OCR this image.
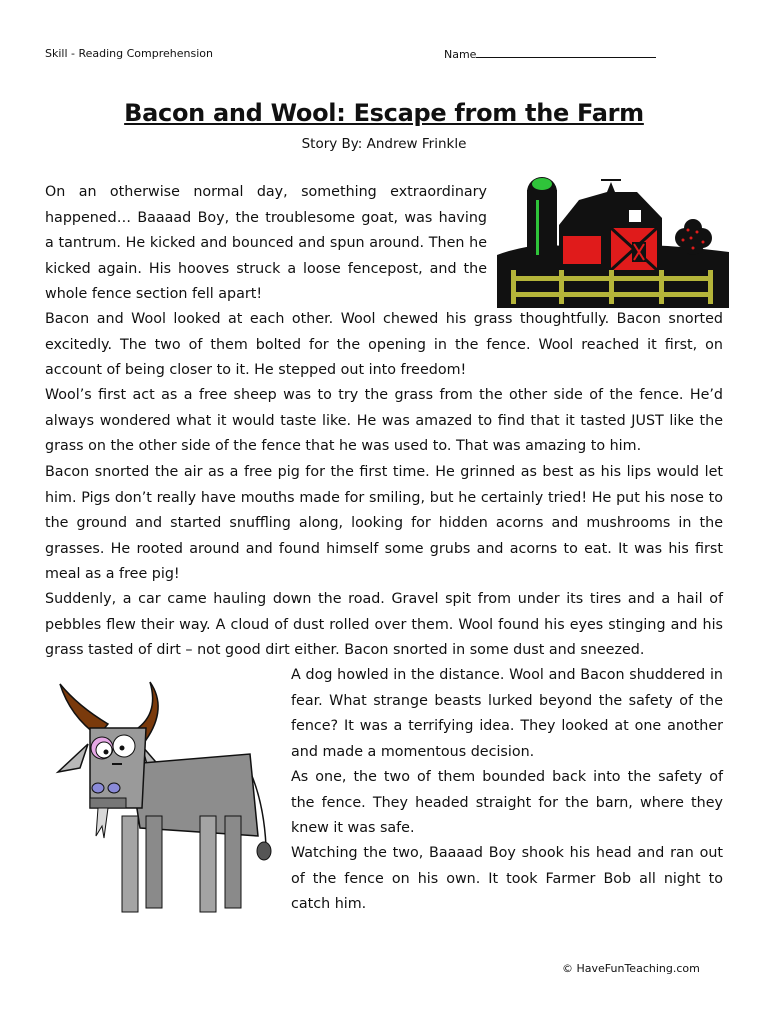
Skill - Reading Comprehension	Name
Bacon and Wool: Escape from the Farm
Story By: Andrew Frinkle

On an otherwise normal day, something extraordinary happened… Baaaad Boy, the troublesome goat, was having a tantrum. He kicked and bounced and spun around. Then he kicked again. His hooves struck a loose fencepost, and the whole fence section fell apart!

Bacon and Wool looked at each other. Wool chewed his grass thoughtfully. Bacon snorted excitedly. The two of them bolted for the opening in the fence. Wool reached it first, on account of being closer to it. He stepped out into freedom!

Wool’s first act as a free sheep was to try the grass from the other side of the fence. He’d always wondered what it would taste like. He was amazed to find that it tasted JUST like the grass on the other side of the fence that he was used to. That was amazing to him.

Bacon snorted the air as a free pig for the first time. He grinned as best as his lips would let him. Pigs don’t really have mouths made for smiling, but he certainly tried! He put his nose to the ground and started snuffling along, looking for hidden acorns and mushrooms in the grasses. He rooted around and found himself some grubs and acorns to eat. It was his first meal as a free pig!

Suddenly, a car came hauling down the road. Gravel spit from under its tires and a hail of pebbles flew their way. A cloud of dust rolled over them. Wool found his eyes stinging and his grass tasted of dirt – not good dirt either. Bacon snorted in some dust and sneezed.

A dog howled in the distance. Wool and Bacon shuddered in fear. What strange beasts lurked beyond the safety of the fence? It was a terrifying idea. They looked at one another and made a momentous decision.

As one, the two of them bounded back into the safety of the fence. They headed straight for the barn, where they knew it was safe.

Watching the two, Baaaad Boy shook his head and ran out of the fence on his own. It took Farmer Bob all night to catch him.

© HaveFunTeaching.com
